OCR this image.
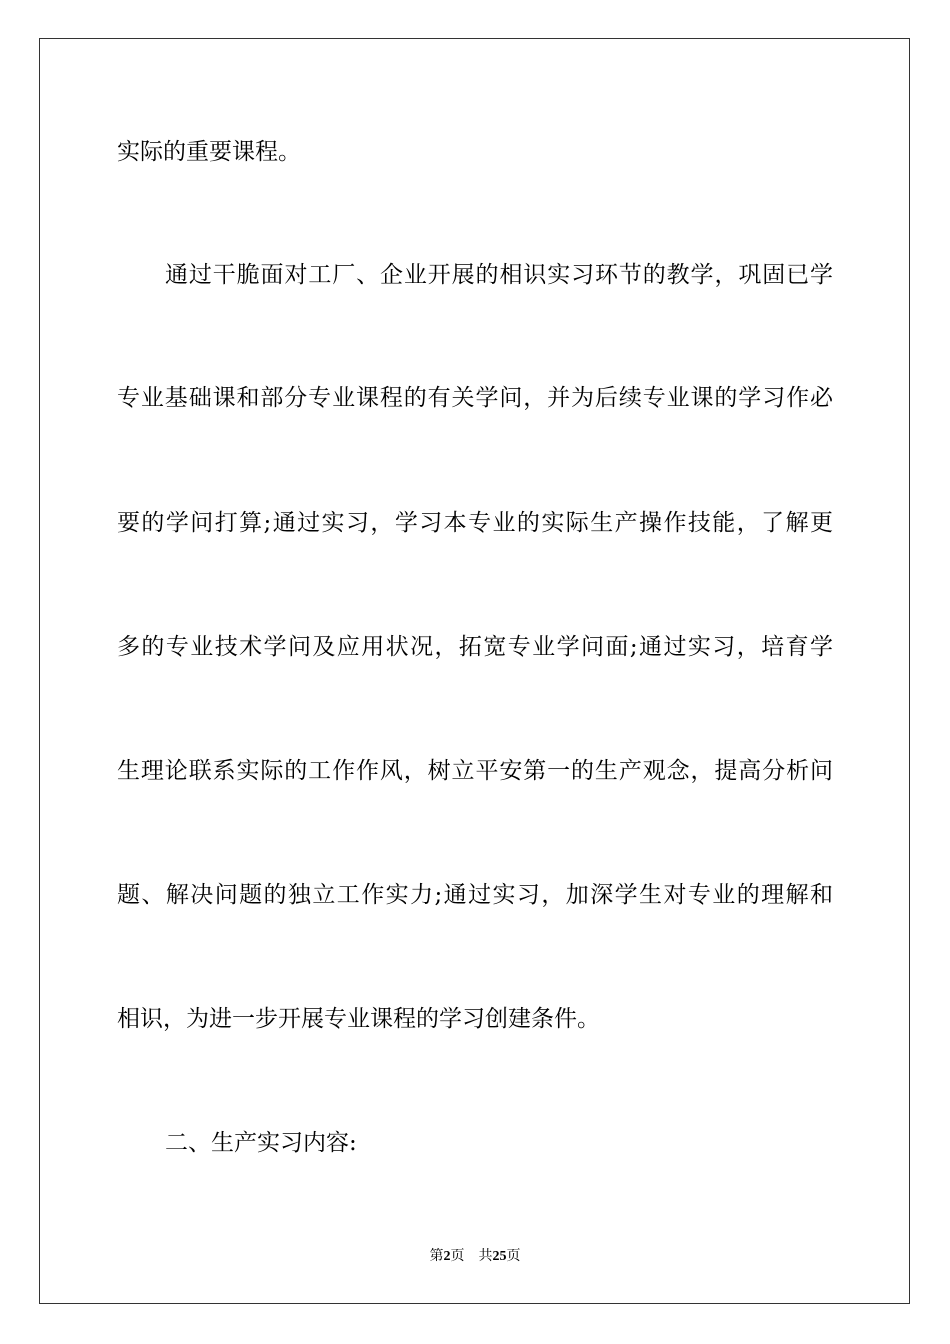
实际的重要课程。
通过干脆面对工厂、企业开展的相识实习环节的教学，巩固已学
专业基础课和部分专业课程的有关学问，并为后续专业课的学习作必
要的学问打算;通过实习，学习本专业的实际生产操作技能，了解更
多的专业技术学问及应用状况，拓宽专业学问面;通过实习，培育学
生理论联系实际的工作作风，树立平安第一的生产观念，提高分析问
题、解决问题的独立工作实力;通过实习，加深学生对专业的理解和
相识，为进一步开展专业课程的学习创建条件。
二、生产实习内容:
第2页 共25页
